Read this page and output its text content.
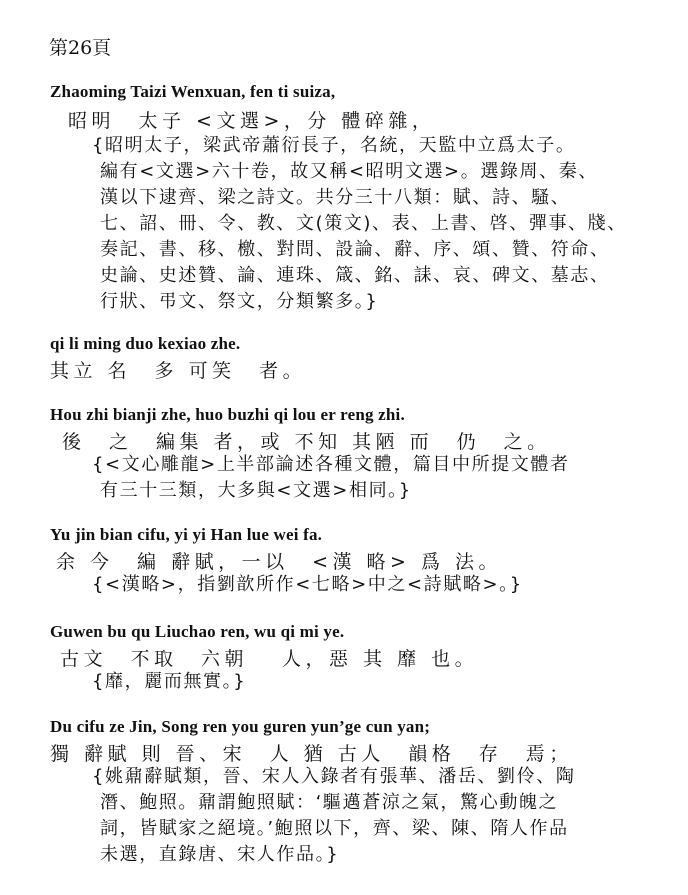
第26頁
Zhaoming Taizi Wenxuan, fen ti suiza,
昭明　太子 <文選>，分 體碎雜，

{昭明太子，梁武帝蕭衍長子，名統，天監中立爲太子。

編有<文選>六十卷，故又稱<昭明文選>。選錄周、秦、

漢以下逮齊、梁之詩文。共分三十八類：賦、詩、騷、

七、詔、冊、令、教、文(策文)、表、上書、啓、彈事、牋、

奏記、書、移、檄、對問、設論、辭、序、頌、贊、符命、

史論、史述贊、論、連珠、箴、銘、誄、哀、碑文、墓志、

行狀、弔文、祭文，分類繁多。}

qi li ming duo kexiao zhe.
其立 名　多 可笑　者。
Hou zhi bianji zhe, huo buzhi qi lou er reng zhi.
後　之　編集 者，或 不知 其陋 而　仍　之。

{<文心雕龍>上半部論述各種文體，篇目中所提文體者

有三十三類，大多與<文選>相同。}

Yu jin bian cifu, yi yi Han lue wei fa.
余 今　編 辭賦，一以　<漢 略> 爲 法。

{<漢略>，指劉歆所作<七略>中之<詩賦略>。}

Guwen bu qu Liuchao ren, wu qi mi ye.
古文　不取　六朝　 人，惡 其 靡 也。

{靡，麗而無實。}

Du cifu ze Jin, Song ren you guren yun’ge cun yan;
獨 辭賦 則 晉、宋　人 猶 古人　韻格　存　焉；

{姚鼐辭賦類，晉、宋人入錄者有張華、潘岳、劉伶、陶

潛、鮑照。鼐謂鮑照賦：‘驅邁蒼涼之氣，驚心動魄之

詞，皆賦家之絕境。’鮑照以下，齊、梁、陳、隋人作品

未選，直錄唐、宋人作品。}
